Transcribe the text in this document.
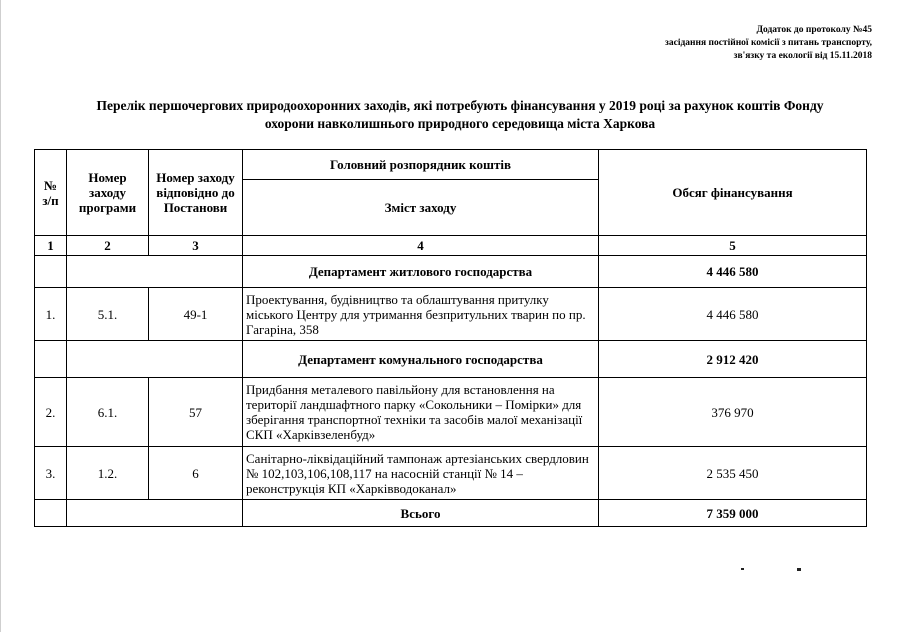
Додаток до протоколу №45
засідання постійної комісії з питань транспорту,
зв'язку та екології від 15.11.2018
Перелік першочергових природоохоронних заходів, які потребують фінансування у 2019 році за рахунок коштів Фонду
охорони навколишнього природного середовища міста Харкова
№ з/п	Номер заходу програми	Номер заходу відповідно до Постанови	Головний розпорядник коштів	Обсяг фінансування
			Зміст заходу	
1	2	3	4	5
			Департамент житлового господарства	4 446 580
1.	5.1.	49-1	Проектування, будівництво та облаштування притулку міського Центру для утримання безпритульних тварин по пр. Гагаріна, 358	4 446 580
			Департамент комунального господарства	2 912 420
2.	6.1.	57	Придбання металевого павільйону для встановлення на території ландшафтного парку «Сокольники – Помірки» для зберігання транспортної техніки та засобів малої механізації СКП «Харківзеленбуд»	376 970
3.	1.2.	6	Санітарно-ліквідаційний тампонаж артезіанських свердловин № 102,103,106,108,117 на насосній станції № 14 – реконструкція КП «Харківводоканал»	2 535 450
			Всього	7 359 000
